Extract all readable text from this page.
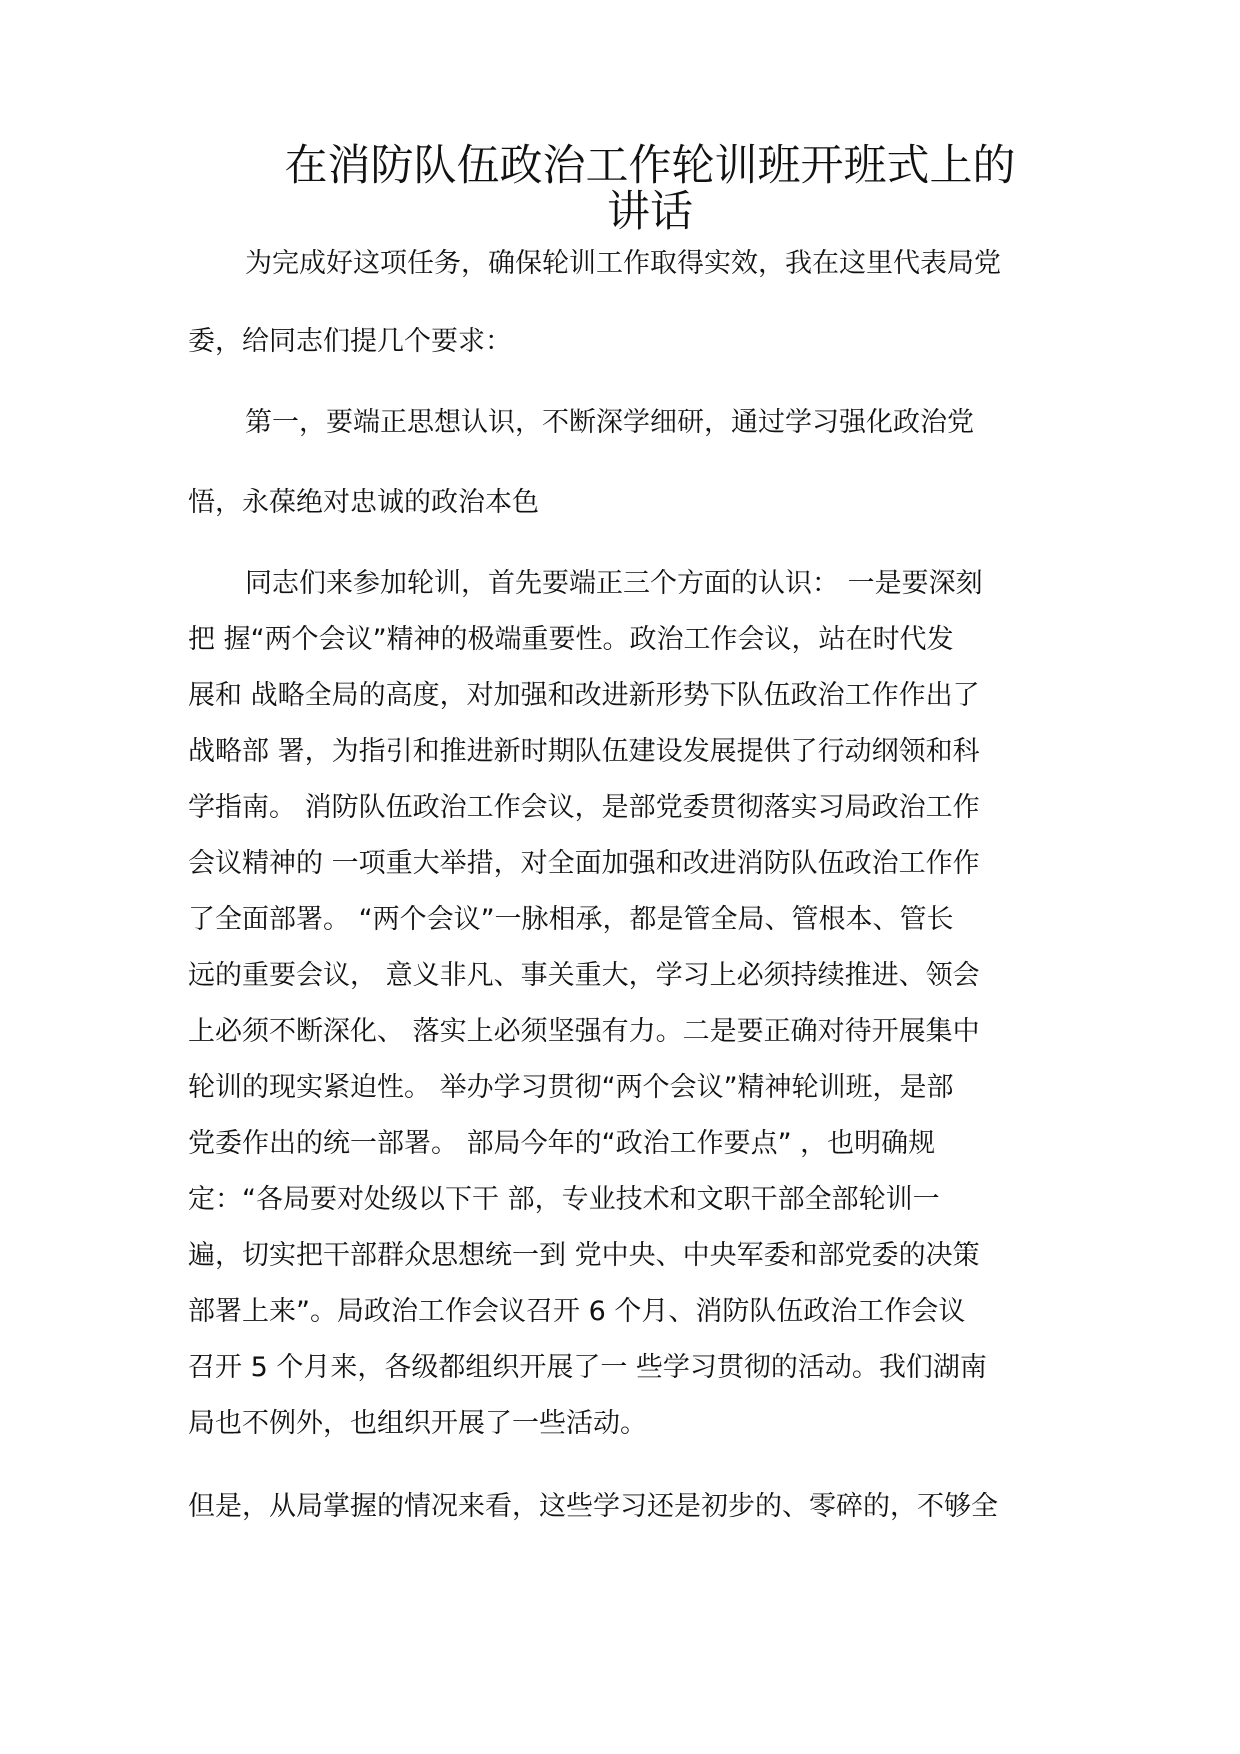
在消防队伍政治工作轮训班开班式上的
讲话

为完成好这项任务，确保轮训工作取得实效，我在这里代表局党

委，给同志们提几个要求：

第一，要端正思想认识，不断深学细研，通过学习强化政治党

悟，永葆绝对忠诚的政治本色

同志们来参加轮训，首先要端正三个方面的认识： 一是要深刻

把 握“两个会议”精神的极端重要性。政治工作会议，站在时代发

展和 战略全局的高度，对加强和改进新形势下队伍政治工作作出了

战略部 署，为指引和推进新时期队伍建设发展提供了行动纲领和科

学指南。 消防队伍政治工作会议，是部党委贯彻落实习局政治工作

会议精神的 一项重大举措，对全面加强和改进消防队伍政治工作作

了全面部署。 “两个会议”一脉相承，都是管全局、管根本、管长

远的重要会议， 意义非凡、事关重大，学习上必须持续推进、领会

上必须不断深化、 落实上必须坚强有力。二是要正确对待开展集中

轮训的现实紧迫性。 举办学习贯彻“两个会议”精神轮训班，是部

党委作出的统一部署。 部局今年的“政治工作要点” ，也明确规

定：“各局要对处级以下干 部，专业技术和文职干部全部轮训一

遍，切实把干部群众思想统一到 党中央、中央军委和部党委的决策

部署上来”。局政治工作会议召开 6 个月、消防队伍政治工作会议

召开 5 个月来，各级都组织开展了一 些学习贯彻的活动。我们湖南

局也不例外，也组织开展了一些活动。

但是，从局掌握的情况来看，这些学习还是初步的、零碎的，不够全
